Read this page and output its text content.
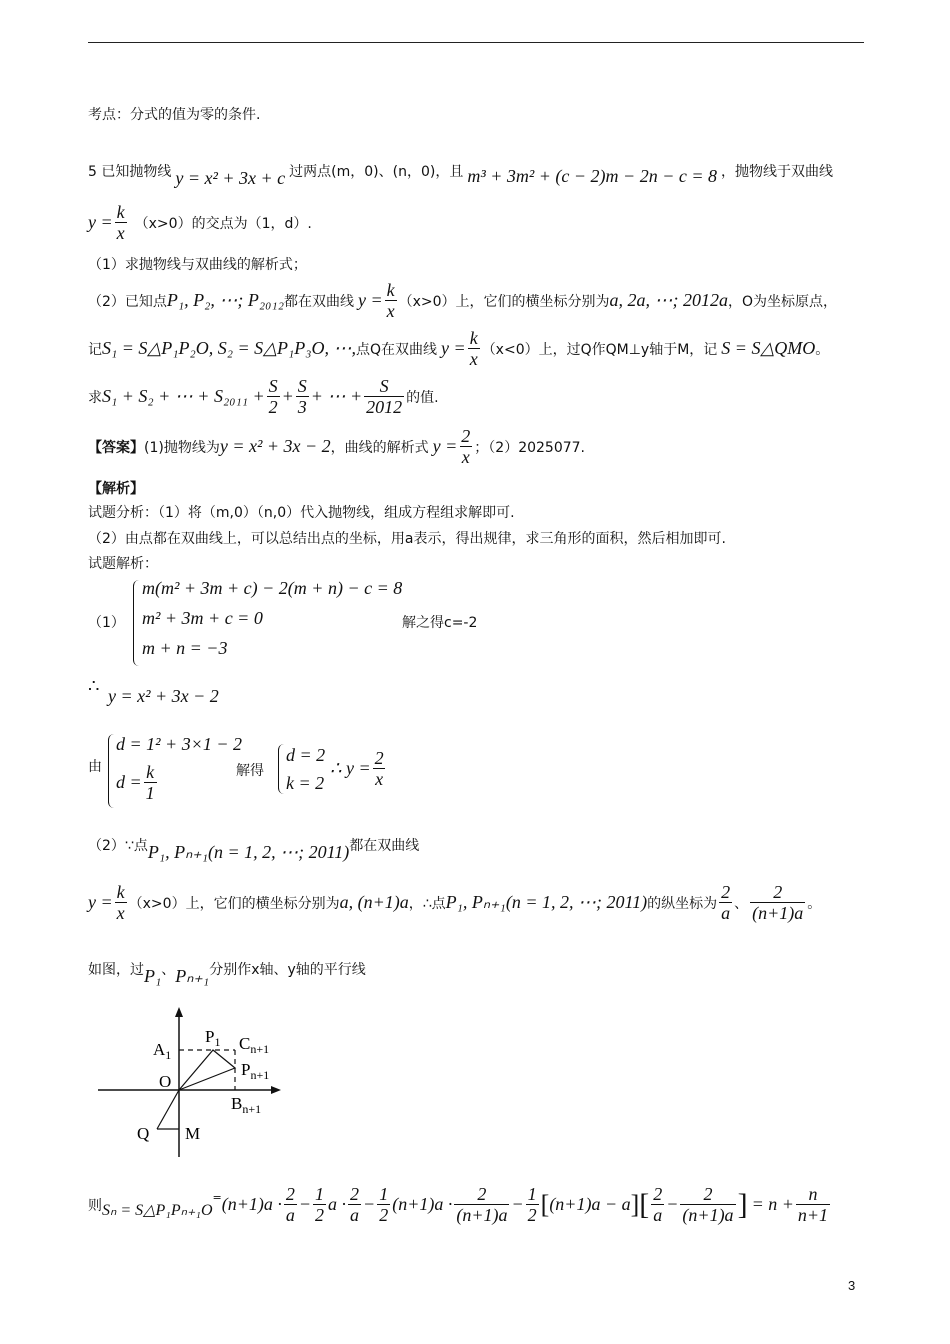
考点：分式的值为零的条件.
5 已知抛物线 y = x² + 3x + c 过两点(m，0)、(n，0)，且 m³ + 3m² + (c − 2)m − 2n − c = 8 ，抛物线于双曲线
$y = \frac{k}{x} (x>0)$的交点为（1，d）.
（1）求抛物线与双曲线的解析式；
（2）已知点 P₁, P₂, ⋯; P₂₀₁₂ 都在双曲线 $y = \frac{k}{x} (x>0)$上，它们的横坐标分别为 a, 2a, ⋯; 2012a ，O为坐标原点，
记 S₁ = S△P₁P₂O, S₂ = S△P₁P₃O, ⋯, 点Q在双曲线 $y = \frac{k}{x} (x<0)$上，过Q作QM⊥y轴于M，记 S = S△QMO 。
求 S₁ + S₂ + ⋯ + $S_{2011} + \frac{S}{2} + \frac{S}{3}$ + ⋯ + $\frac{S}{2012}$ 的值.
【答案】 (1)抛物线为 y = x² + 3x − 2 ，曲线的解析式 $y = \frac{2}{x}$ ；（2）2025077.
【解析】
试题分析：（1）将（m,0）（n,0）代入抛物线，组成方程组求解即可.
（2）由点都在双曲线上，可以总结出点的坐标，用a表示，得出规律，求三角形的面积，然后相加即可.
试题解析：
（1）
m(m² + 3m + c) − 2(m + n) − c = 8
m² + 3m + c = 0
m + n = −3
解之得c=-2
∴ y = x² + 3x − 2
由
d = 1² + 3×1 − 2
$d = \frac{k}{1}$	解得
d = 2
k = 2
∴ $y = \frac{2}{x}$
（2）∵点 P₁, Pₙ₊₁(n = 1, 2, ⋯; 2011) 都在双曲线
$y = \frac{k}{x} (x>0)$上，它们的横坐标分别为 a, (n+1)a ，∴点 P₁, Pₙ₊₁(n = 1, 2, ⋯; 2011) 的纵坐标为 $\frac{2}{a}$ 、 $\frac{2}{(n+1)a}$ 。
如图，过 P₁ 、 Pₙ₊₁ 分别作x轴、y轴的平行线
$A_1$
$P_1$ $C_{n+1}$
$P_{n+1}$
O
$B_{n+1}$
Q M
则 Sₙ = S△P₁Pₙ₊₁O
= $(n+1)a \cdot \frac{2}{a} - \frac{1}{2}$ $a \cdot \frac{2}{a} - \frac{1}{2} (n+1)a \cdot \frac{2}{(n+1)a} - \frac{1}{2}$ [ (n+1)a − a ] [ $\frac{2}{a} - \frac{2}{(n+1)a}$ ] = $n + \frac{n}{n+1}$
3
